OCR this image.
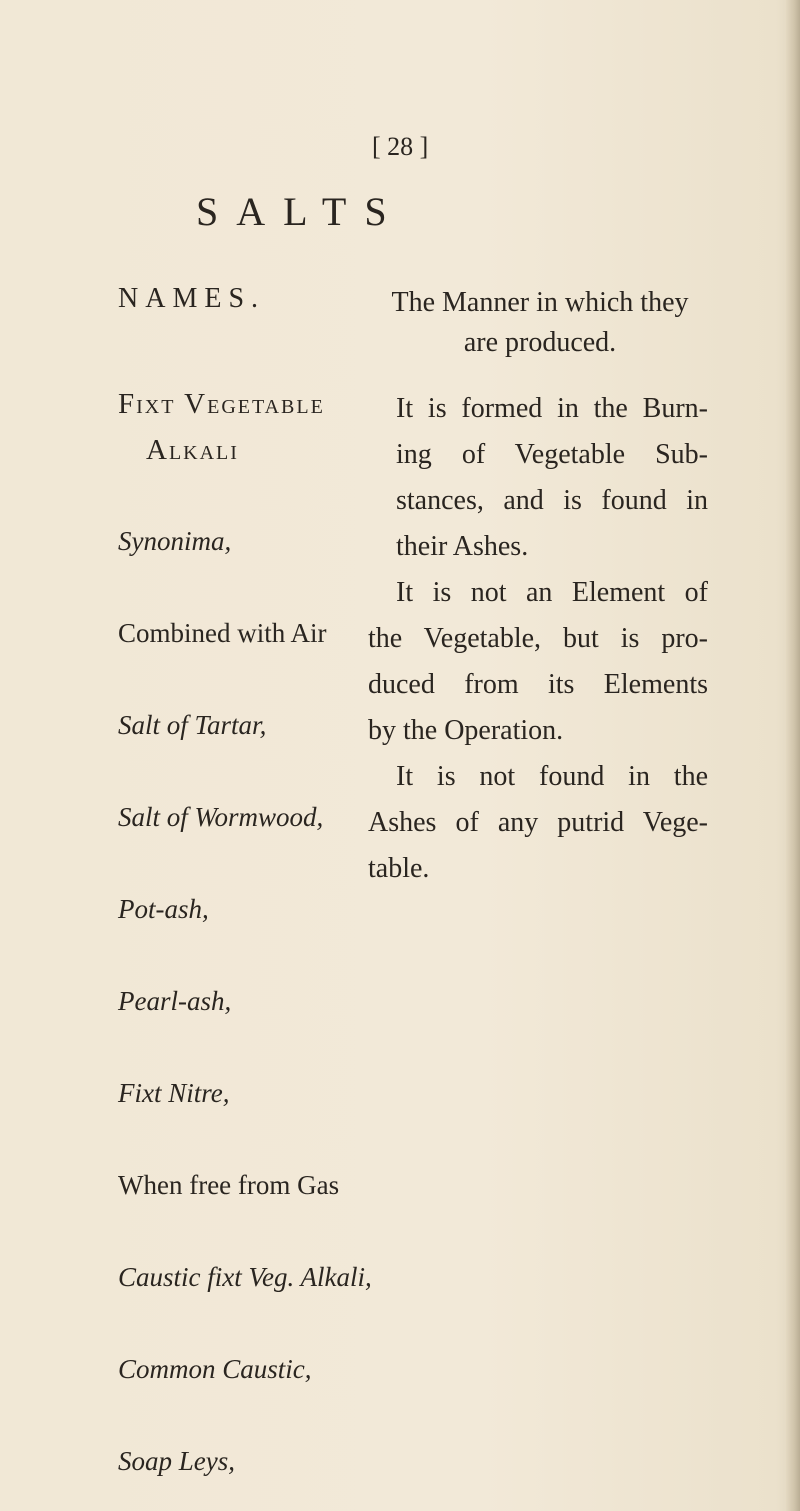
[ 28 ]
SALTS
NAMES.	The Manner in which they
are produced.
Fixt Vegetable
Alkali
Synonima,
Combined with Air
Salt of Tartar,
Salt of Wormwood,
Pot-ash,
Pearl-ash,
Fixt Nitre,
When free from Gas
Caustic fixt Veg. Alkali,
Common Caustic,
Soap Leys,

It is formed in the Burn-
ing of Vegetable Sub-
stances, and is found in
their Ashes.

It is not an Element of
the Vegetable, but is pro-
duced from its Elements
by the Operation.

It is not found in the
Ashes of any putrid Vege-
table.
